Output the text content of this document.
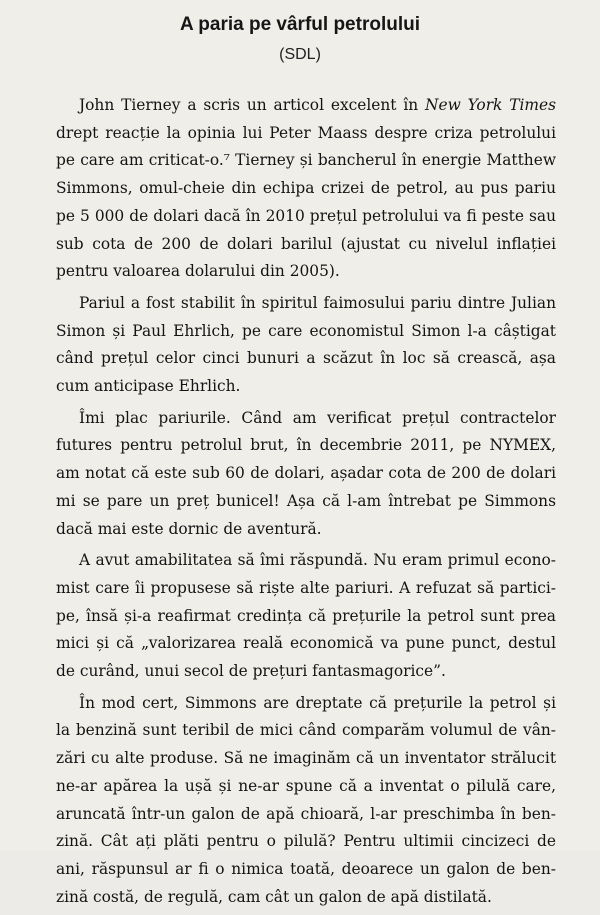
A paria pe vârful petrolului
(SDL)
John Tierney a scris un articol excelent în New York Times
drept reacție la opinia lui Peter Maass despre criza petrolului
pe care am criticat-o.⁷ Tierney și bancherul în energie Matthew
Simmons, omul-cheie din echipa crizei de petrol, au pus pariu
pe 5 000 de dolari dacă în 2010 prețul petrolului va fi peste sau
sub cota de 200 de dolari barilul (ajustat cu nivelul inflației
pentru valoarea dolarului din 2005).
Pariul a fost stabilit în spiritul faimosului pariu dintre Julian
Simon și Paul Ehrlich, pe care economistul Simon l-a câștigat
când prețul celor cinci bunuri a scăzut în loc să crească, așa
cum anticipase Ehrlich.
Îmi plac pariurile. Când am verificat prețul contractelor
futures pentru petrolul brut, în decembrie 2011, pe NYMEX,
am notat că este sub 60 de dolari, așadar cota de 200 de dolari
mi se pare un preț bunicel! Așa că l-am întrebat pe Simmons
dacă mai este dornic de aventură.
A avut amabilitatea să îmi răspundă. Nu eram primul econo-
mist care îi propusese să riște alte pariuri. A refuzat să partici-
pe, însă și-a reafirmat credința că prețurile la petrol sunt prea
mici și că „valorizarea reală economică va pune punct, destul
de curând, unui secol de prețuri fantasmagorice”.
În mod cert, Simmons are dreptate că prețurile la petrol și
la benzină sunt teribil de mici când comparăm volumul de vân-
zări cu alte produse. Să ne imaginăm că un inventator strălucit
ne-ar apărea la ușă și ne-ar spune că a inventat o pilulă care,
aruncată într-un galon de apă chioară, l-ar preschimba în ben-
zină. Cât ați plăti pentru o pilulă? Pentru ultimii cincizeci de
ani, răspunsul ar fi o nimica toată, deoarece un galon de ben-
zină costă, de regulă, cam cât un galon de apă distilată.
